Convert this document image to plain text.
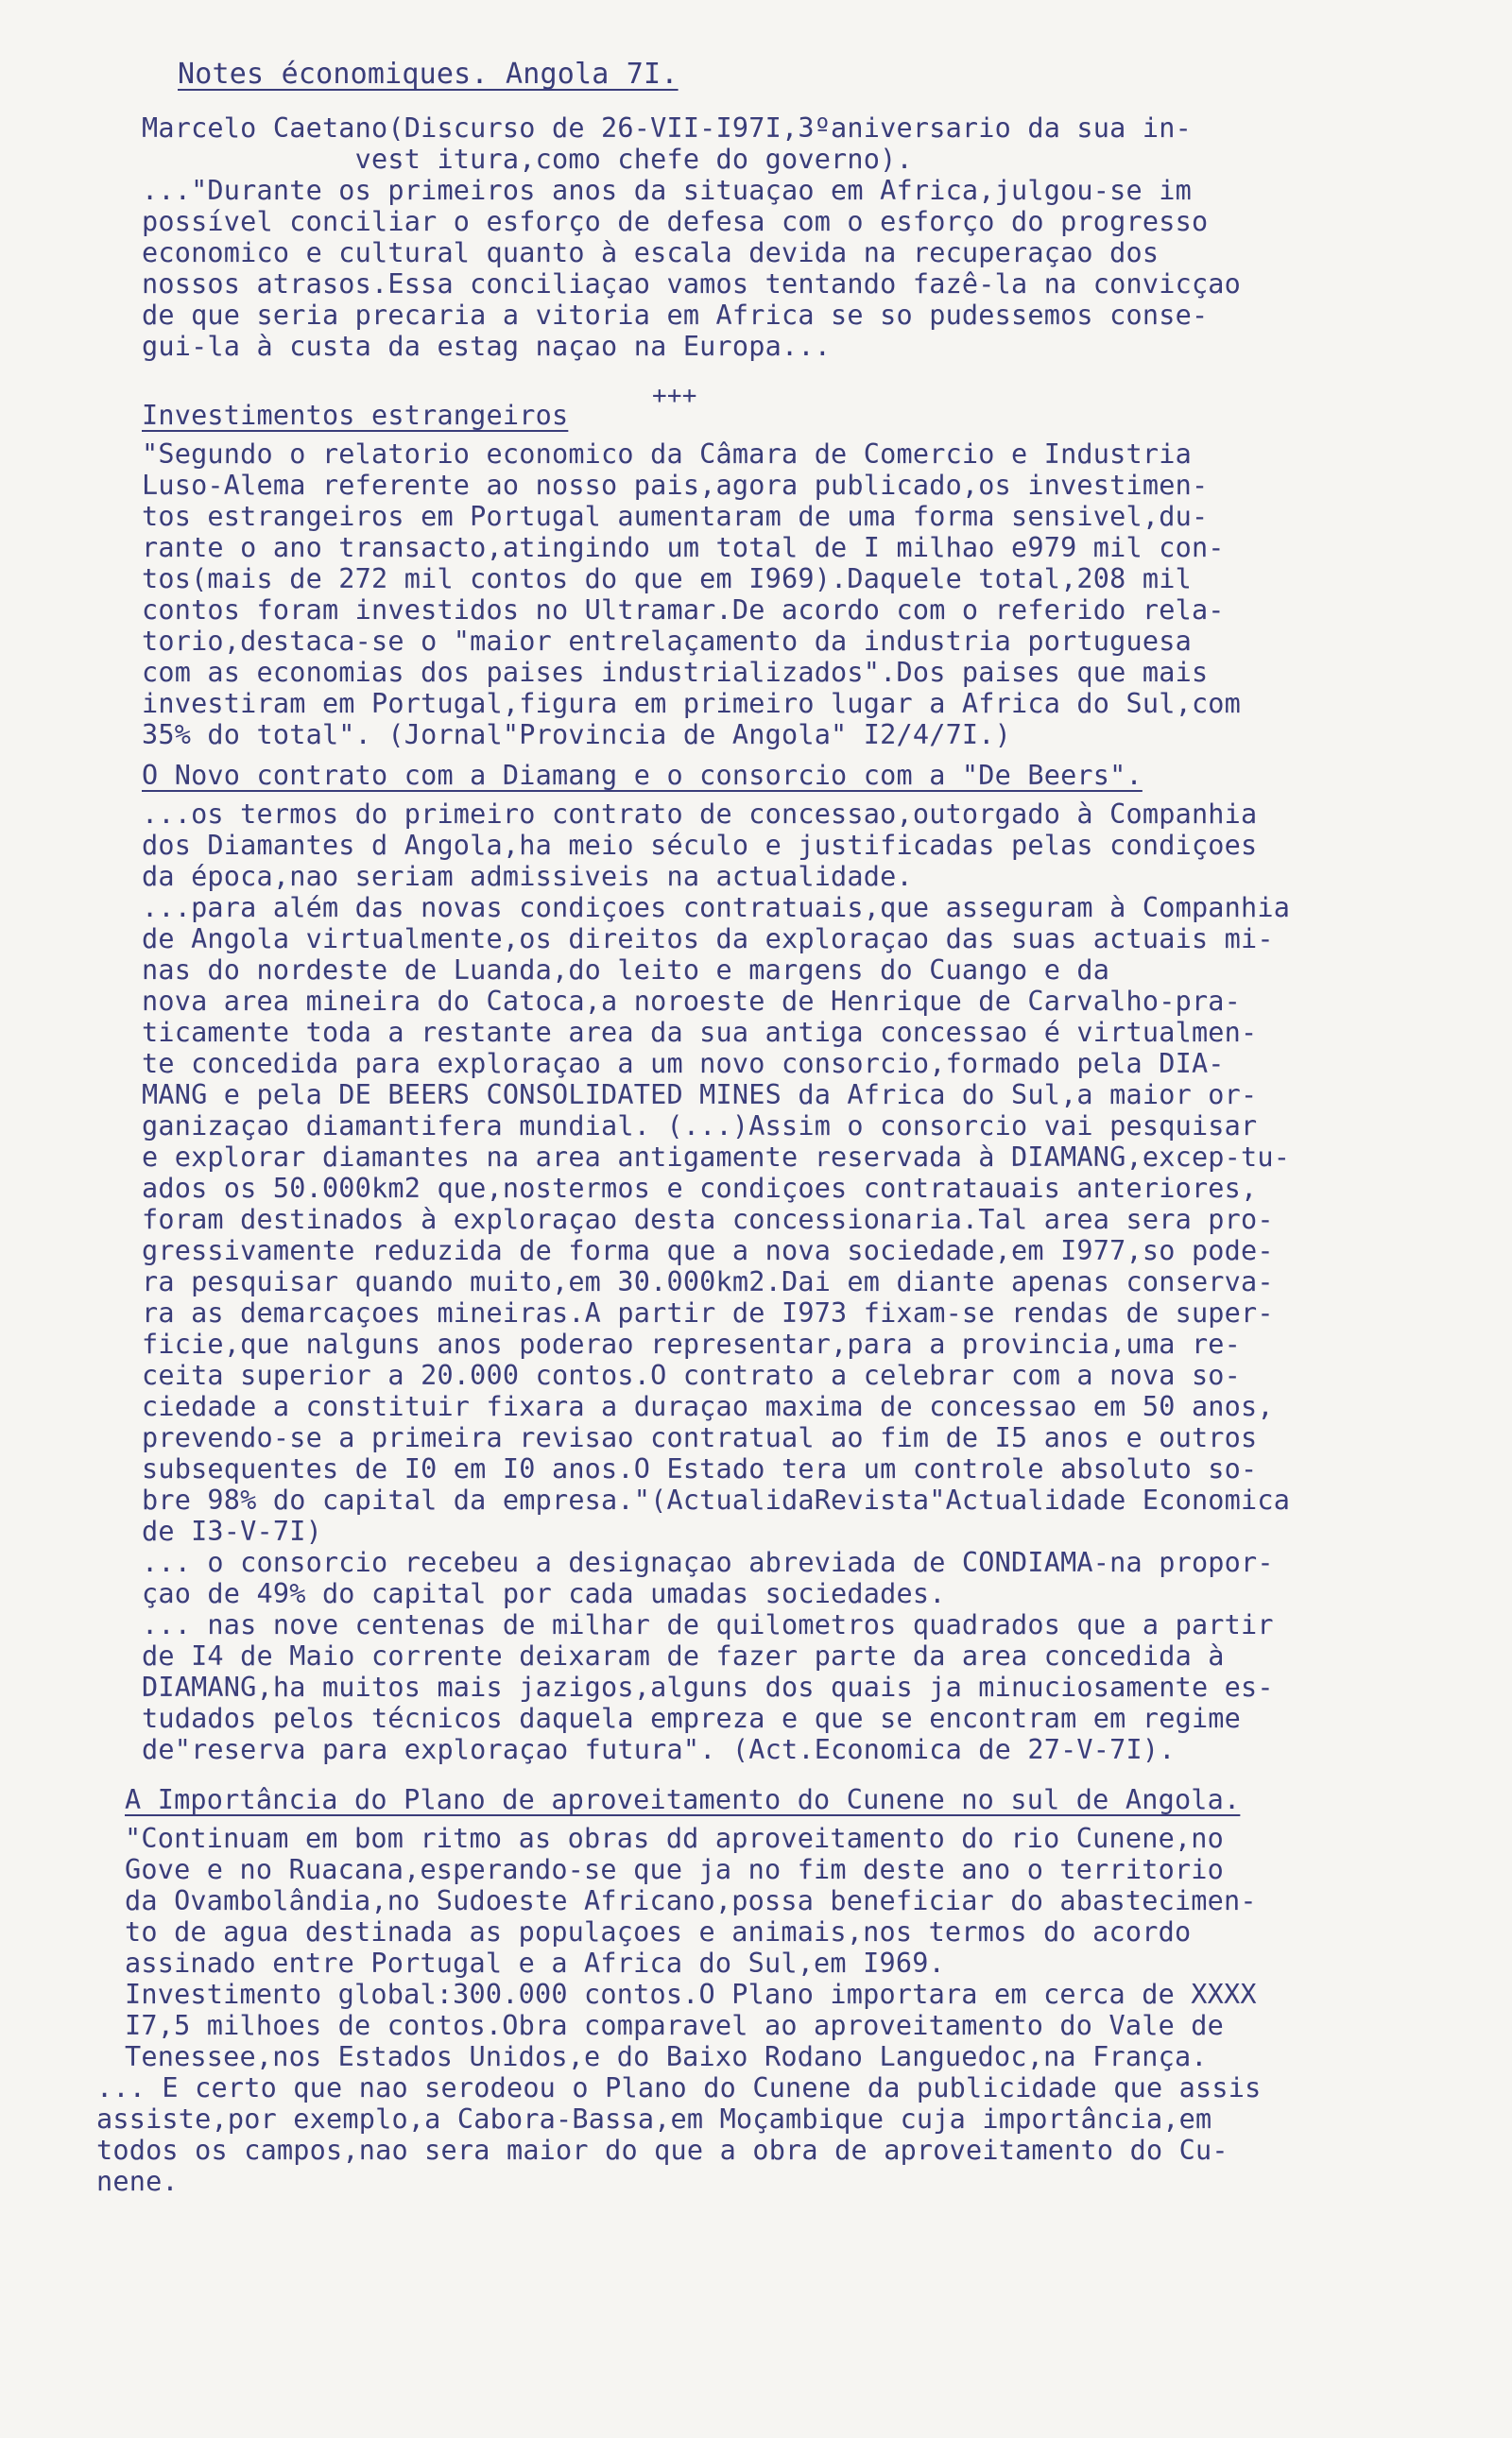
Notes économiques. Angola 7I.
Marcelo Caetano(Discurso de 26-VII-I97I,3ºaniversario da sua in-
vest itura,como chefe do governo).
..."Durante os primeiros anos da situaçao em Africa,julgou-se im
possível conciliar o esforço de defesa com o esforço do progresso
economico e cultural quanto à escala devida na recuperaçao dos
nossos atrasos.Essa conciliaçao vamos tentando fazê-la na convicçao
de que seria precaria a vitoria em Africa se so pudessemos conse-
gui-la à custa da estag naçao na Europa...
Investimentos estrangeiros
+++
"Segundo o relatorio economico da Câmara de Comercio e Industria
Luso-Alema referente ao nosso pais,agora publicado,os investimen-
tos estrangeiros em Portugal aumentaram de uma forma sensivel,du-
rante o ano transacto,atingindo um total de I milhao e979 mil con-
tos(mais de 272 mil contos do que em I969).Daquele total,208 mil
contos foram investidos no Ultramar.De acordo com o referido rela-
torio,destaca-se o "maior entrelaçamento da industria portuguesa
com as economias dos paises industrializados".Dos paises que mais
investiram em Portugal,figura em primeiro lugar a Africa do Sul,com
35% do total". (Jornal"Provincia de Angola" I2/4/7I.)
O Novo contrato com a Diamang e o consorcio com a "De Beers".
...os termos do primeiro contrato de concessao,outorgado à Companhia
dos Diamantes d Angola,ha meio século e justificadas pelas condiçoes
da época,nao seriam admissiveis na actualidade.
...para além das novas condiçoes contratuais,que asseguram à Companhia
de Angola virtualmente,os direitos da exploraçao das suas actuais mi-
nas do nordeste de Luanda,do leito e margens do Cuango e da
nova area mineira do Catoca,a noroeste de Henrique de Carvalho-pra-
ticamente toda a restante area da sua antiga concessao é virtualmen-
te concedida para exploraçao a um novo consorcio,formado pela DIA-
MANG e pela DE BEERS CONSOLIDATED MINES da Africa do Sul,a maior or-
ganizaçao diamantifera mundial. (...)Assim o consorcio vai pesquisar
e explorar diamantes na area antigamente reservada à DIAMANG,excep-tu-
ados os 50.000km2 que,nostermos e condiçoes contratauais anteriores,
foram destinados à exploraçao desta concessionaria.Tal area sera pro-
gressivamente reduzida de forma que a nova sociedade,em I977,so pode-
ra pesquisar quando muito,em 30.000km2.Dai em diante apenas conserva-
ra as demarcaçoes mineiras.A partir de I973 fixam-se rendas de super-
ficie,que nalguns anos poderao representar,para a provincia,uma re-
ceita superior a 20.000 contos.O contrato a celebrar com a nova so-
ciedade a constituir fixara a duraçao maxima de concessao em 50 anos,
prevendo-se a primeira revisao contratual ao fim de I5 anos e outros
subsequentes de I0 em I0 anos.O Estado tera um controle absoluto so-
bre 98% do capital da empresa."(ActualidaRevista"Actualidade Economica
de I3-V-7I)
... o consorcio recebeu a designaçao abreviada de CONDIAMA-na propor-
çao de 49% do capital por cada umadas sociedades.
... nas nove centenas de milhar de quilometros quadrados que a partir
de I4 de Maio corrente deixaram de fazer parte da area concedida à
DIAMANG,ha muitos mais jazigos,alguns dos quais ja minuciosamente es-
tudados pelos técnicos daquela empreza e que se encontram em regime
de"reserva para exploraçao futura". (Act.Economica de 27-V-7I).
A Importância do Plano de aproveitamento do Cunene no sul de Angola.
"Continuam em bom ritmo as obras dd aproveitamento do rio Cunene,no
Gove e no Ruacana,esperando-se que ja no fim deste ano o territorio
da Ovambolândia,no Sudoeste Africano,possa beneficiar do abastecimen-
to de agua destinada as populaçoes e animais,nos termos do acordo
assinado entre Portugal e a Africa do Sul,em I969.
Investimento global:300.000 contos.O Plano importara em cerca de XXXX
I7,5 milhoes de contos.Obra comparavel ao aproveitamento do Vale de
Tenessee,nos Estados Unidos,e do Baixo Rodano Languedoc,na França.
... E certo que nao serodeou o Plano do Cunene da publicidade que assis
assiste,por exemplo,a Cabora-Bassa,em Moçambique cuja importância,em
todos os campos,nao sera maior do que a obra de aproveitamento do Cu-
nene.
